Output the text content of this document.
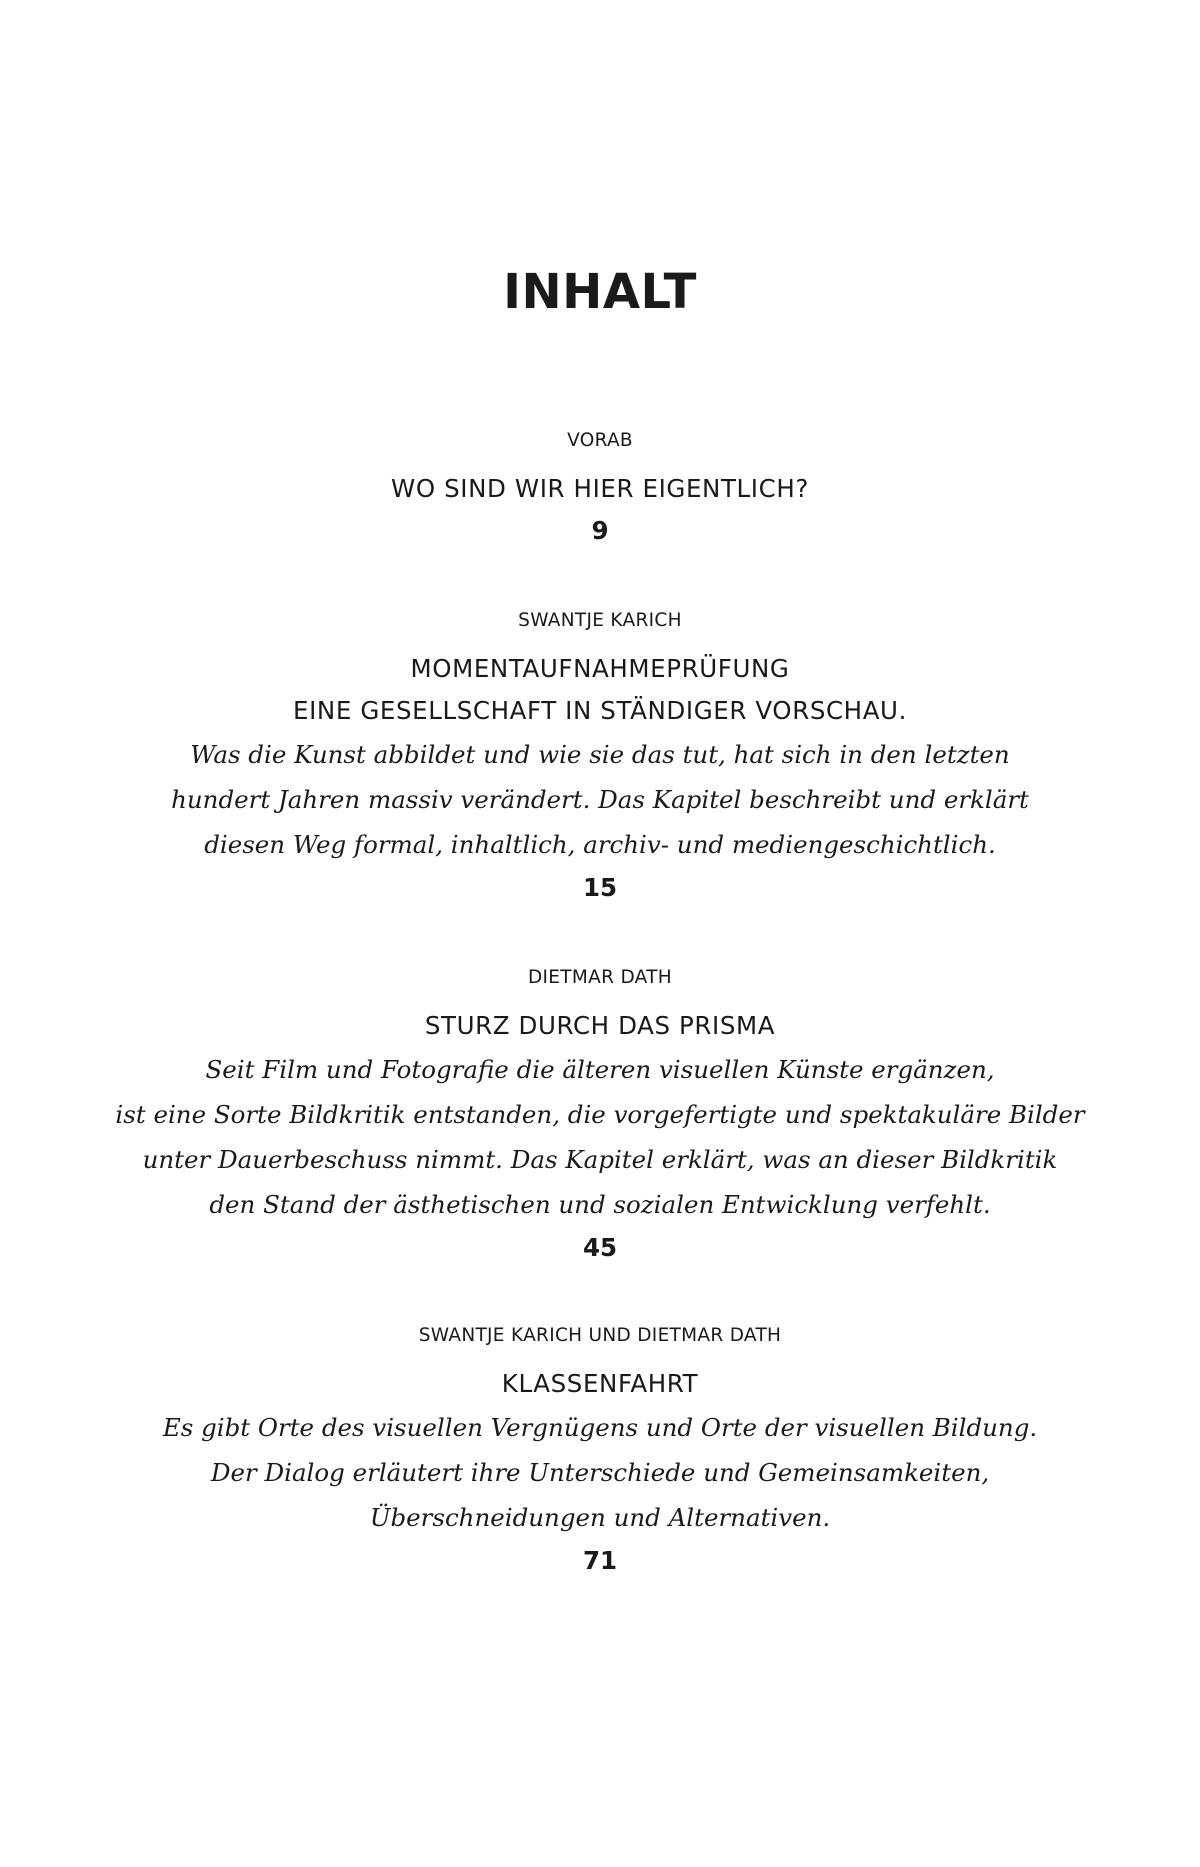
INHALT
VORAB
WO SIND WIR HIER EIGENTLICH?
9
SWANTJE KARICH
MOMENTAUFNAHMEPRÜFUNG
EINE GESELLSCHAFT IN STÄNDIGER VORSCHAU.
Was die Kunst abbildet und wie sie das tut, hat sich in den letzten
hundert Jahren massiv verändert. Das Kapitel beschreibt und erklärt
diesen Weg formal, inhaltlich, archiv- und mediengeschichtlich.
15
DIETMAR DATH
STURZ DURCH DAS PRISMA
Seit Film und Fotografie die älteren visuellen Künste ergänzen,
ist eine Sorte Bildkritik entstanden, die vorgefertigte und spektakuläre Bilder
unter Dauerbeschuss nimmt. Das Kapitel erklärt, was an dieser Bildkritik
den Stand der ästhetischen und sozialen Entwicklung verfehlt.
45
SWANTJE KARICH UND DIETMAR DATH
KLASSENFAHRT
Es gibt Orte des visuellen Vergnügens und Orte der visuellen Bildung.
Der Dialog erläutert ihre Unterschiede und Gemeinsamkeiten,
Überschneidungen und Alternativen.
71
